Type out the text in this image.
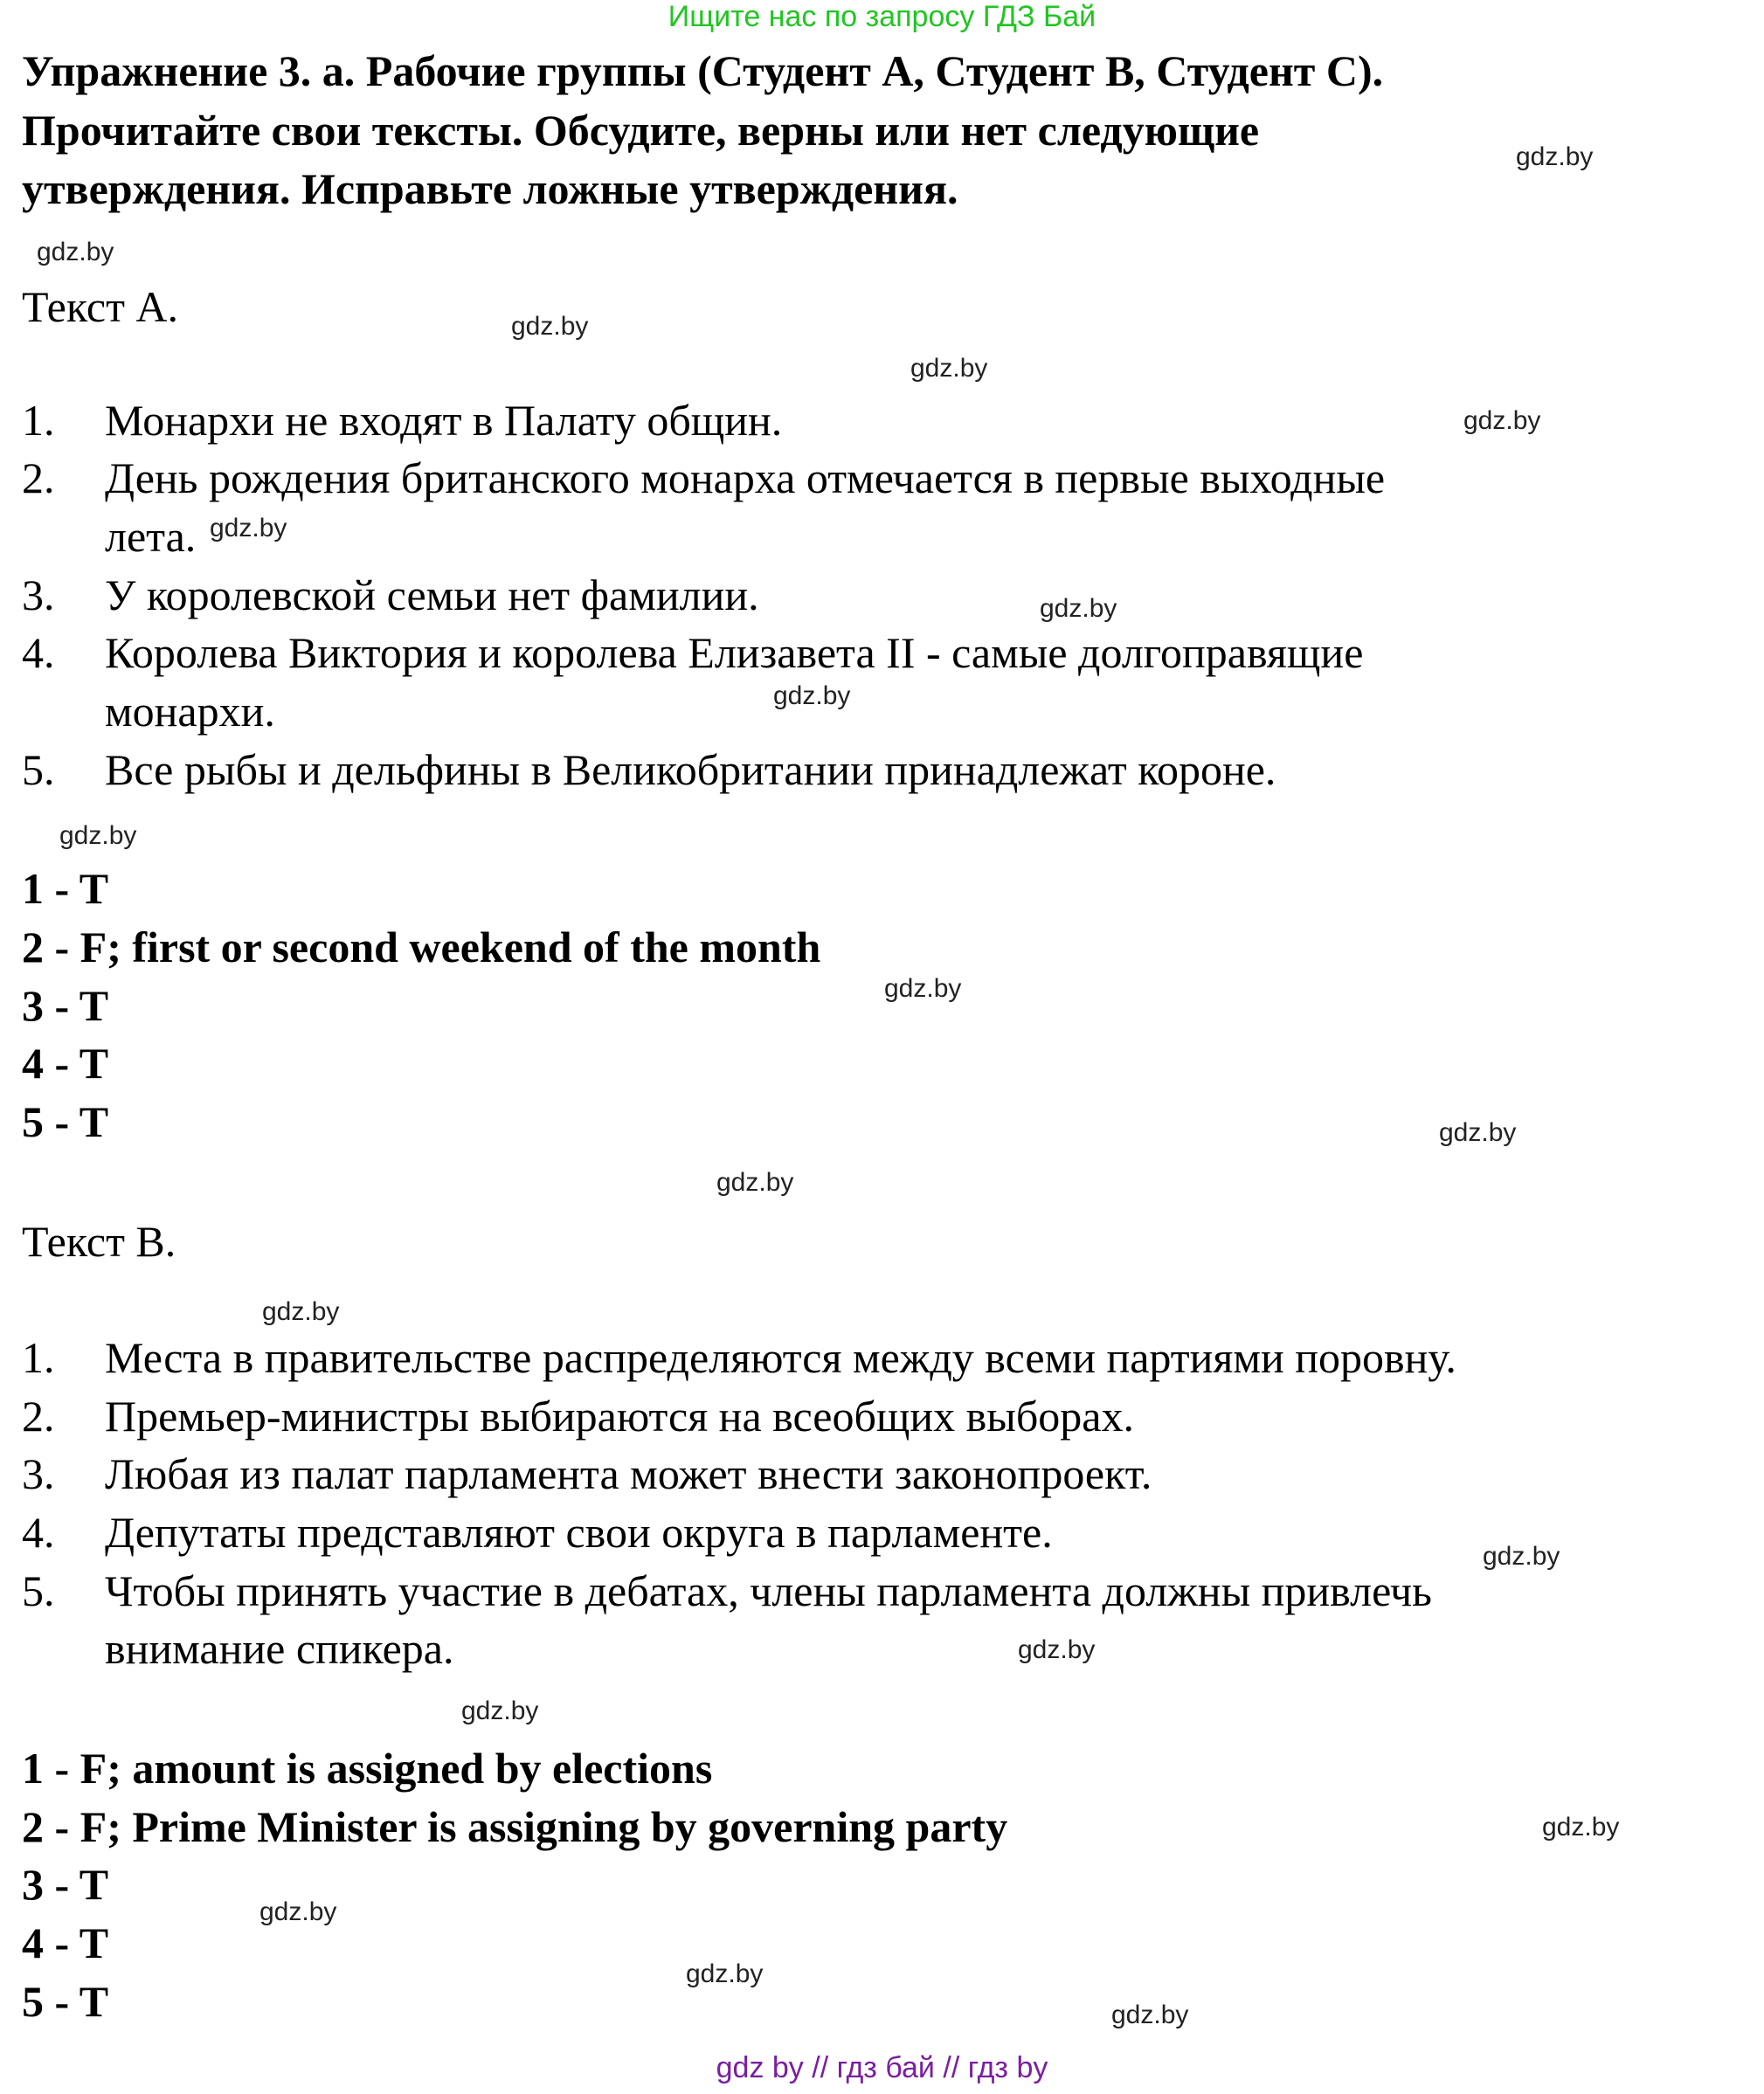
Ищите нас по запросу ГДЗ Бай
Упражнение 3. а. Рабочие группы (Студент А, Студент В, Студент С).
Прочитайте свои тексты. Обсудите, верны или нет следующие
утверждения. Исправьте ложные утверждения.
Текст А.
1. Монархи не входят в Палату общин.
2. День рождения британского монарха отмечается в первые выходные
лета.
3. У королевской семьи нет фамилии.
4. Королева Виктория и королева Елизавета II - самые долгоправящие
монархи.
5. Все рыбы и дельфины в Великобритании принадлежат короне.
1 - T
2 - F; first or second weekend of the month
3 - T
4 - T
5 - T
Текст В.
1. Места в правительстве распределяются между всеми партиями поровну.
2. Премьер-министры выбираются на всеобщих выборах.
3. Любая из палат парламента может внести законопроект.
4. Депутаты представляют свои округа в парламенте.
5. Чтобы принять участие в дебатах, члены парламента должны привлечь
внимание спикера.
1 - F; amount is assigned by elections
2 - F; Prime Minister is assigning by governing party
3 - T
4 - T
5 - T
gdz.by
gdz.by
gdz.by
gdz.by
gdz.by
gdz.by
gdz.by
gdz.by
gdz.by
gdz.by
gdz.by
gdz.by
gdz.by
gdz.by
gdz.by
gdz.by
gdz.by
gdz.by
gdz.by
gdz.by
gdz by // гдз бай // гдз by
